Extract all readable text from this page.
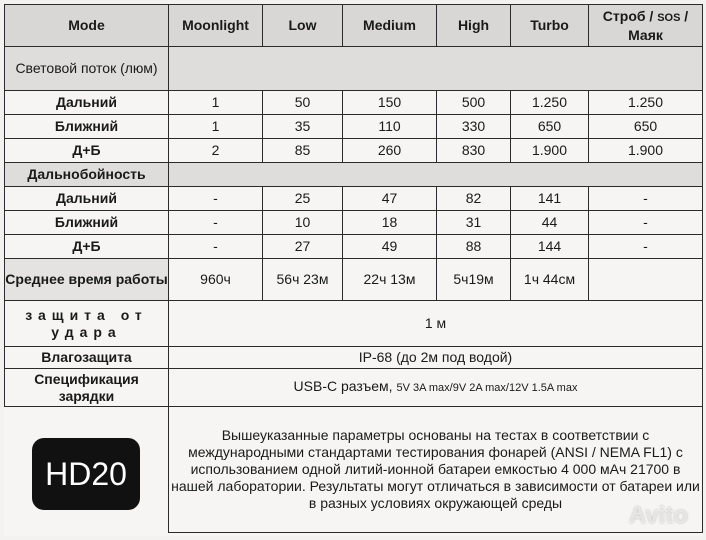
Mode	Moonlight	Low	Medium	High	Turbo	Строб / SOS / Маяк
Световой поток (люм)						
Дальний	1	50	150	500	1.250	1.250
Ближний	1	35	110	330	650	650
Д+Б	2	85	260	830	1.900	1.900
Дальнобойность						
Дальний	-	25	47	82	141	-
Ближний	-	10	18	31	44	-
Д+Б	-	27	49	88	144	-
Среднее время работы	960ч	56ч 23м	22ч 13м	5ч19м	1ч 44см	
защита от удара	1 м					
Влагозащита	IP-68 (до 2м под водой)					
Спецификация зарядки	USB-C разъем, 5V 3A max/9V 2A max/12V 1.5A max					
	Вышеуказанные параметры основаны на тестах в соответствии с международными стандартами тестирования фонарей (ANSI / NEMA FL1) с использованием одной литий-ионной батареи емкостью 4 000 мАч 21700 в нашей лаборатории. Результаты могут отличаться в зависимости от батареи или в разных условиях окружающей среды					
HD20
Avito
